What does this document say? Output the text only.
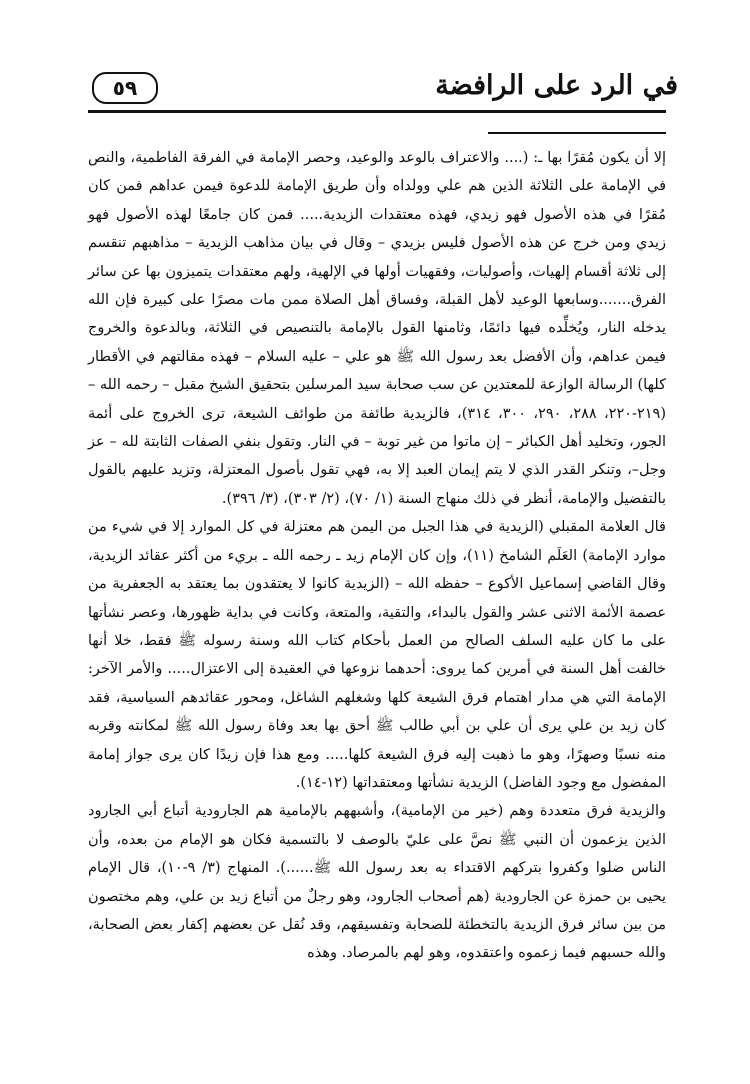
في الرد على الرافضة
٥٩

إلا أن يكون مُقرًا بها ـ: (.... والاعتراف بالوعد والوعيد، وحصر الإمامة في الفرقة الفاطمية، والنص في الإمامة على الثلاثة الذين هم علي وولداه وأن طريق الإمامة للدعوة فيمن عداهم فمن كان مُقرًا في هذه الأصول فهو زيدي، فهذه معتقدات الزيدية..... فمن كان جامعًا لهذه الأصول فهو زيدي ومن خرج عن هذه الأصول فليس بزيدي – وقال في بيان مذاهب الزيدية – مذاهبهم تنقسم إلى ثلاثة أقسام إلهيات، وأصوليات، وفقهيات أولها في الإلهية، ولهم معتقدات يتميزون بها عن سائر الفرق.......وسابعها الوعيد لأهل القبلة، وفساق أهل الصلاة ممن مات مصرًا على كبيرة فإن الله يدخله النار، ويُخلِّده فيها دائمًا، وثامنها القول بالإمامة بالتنصيص في الثلاثة، وبالدعوة والخروج فيمن عداهم، وأن الأفضل بعد رسول الله ﷺ هو علي – عليه السلام – فهذه مقالتهم في الأقطار كلها) الرسالة الوازعة للمعتدين عن سب صحابة سيد المرسلين بتحقيق الشيخ مقبل – رحمه الله – (٢١٩-٢٢٠، ٢٨٨، ٢٩٠، ٣٠٠، ٣١٤)، فالزيدية طائفة من طوائف الشيعة، ترى الخروج على أئمة الجور، وتخليد أهل الكبائر – إن ماتوا من غير توبة – في النار. وتقول بنفي الصفات الثابتة لله – عز وجل–، وتنكر القدر الذي لا يتم إيمان العبد إلا به، فهي تقول بأصول المعتزلة، وتزيد عليهم بالقول بالتفضيل والإمامة، أنظر في ذلك منهاج السنة (١/ ٧٠)، (٢/ ٣٠٣)، (٣/ ٣٩٦).

قال العلامة المقبلي (الزيدية في هذا الجبل من اليمن هم معتزلة في كل الموارد إلا في شيء من موارد الإمامة) العَلَم الشامخ (١١)، وإن كان الإمام زيد ـ رحمه الله ـ بريء من أكثر عقائد الزيدية، وقال القاضي إسماعيل الأكوع – حفظه الله – (الزيدية كانوا لا يعتقدون بما يعتقد به الجعفرية من عصمة الأئمة الاثنى عشر والقول بالبداء، والتقية، والمتعة، وكانت في بداية ظهورها، وعصر نشأتها على ما كان عليه السلف الصالح من العمل بأحكام كتاب الله وسنة رسوله ﷺ فقط، خلا أنها خالفت أهل السنة في أمرين كما يروى: أحدهما نزوعها في العقيدة إلى الاعتزال..... والأمر الآخر: الإمامة التي هي مدار اهتمام فرق الشيعة كلها وشغلهم الشاغل، ومحور عقائدهم السياسية، فقد كان زيد بن علي يرى أن علي بن أبي طالب ﷺ أحق بها بعد وفاة رسول الله ﷺ لمكانته وقربه منه نسبًا وصهرًا، وهو ما ذهبت إليه فرق الشيعة كلها..... ومع هذا فإن زيدًا كان يرى جواز إمامة المفضول مع وجود الفاضل) الزيدية نشأتها ومعتقداتها (١٢-١٤).

والزيدية فرق متعددة وهم (خير من الإمامية)، وأشبههم بالإمامية هم الجارودية أتباع أبي الجارود الذين يزعمون أن النبي ﷺ نصَّ على عليّ بالوصف لا بالتسمية فكان هو الإمام من بعده، وأن الناس ضلوا وكفروا بتركهم الاقتداء به بعد رسول الله ﷺ......). المنهاج (٣/ ٩-١٠)، قال الإمام يحيى بن حمزة عن الجارودية (هم أصحاب الجارود، وهو رجلٌ من أتباع زيد بن علي، وهم مختصون من بين سائر فرق الزيدية بالتخطئة للصحابة وتفسيقهم، وقد نُقل عن بعضهم إكفار بعض الصحابة، والله حسبهم فيما زعموه واعتقدوه، وهو لهم بالمرصاد. وهذه
